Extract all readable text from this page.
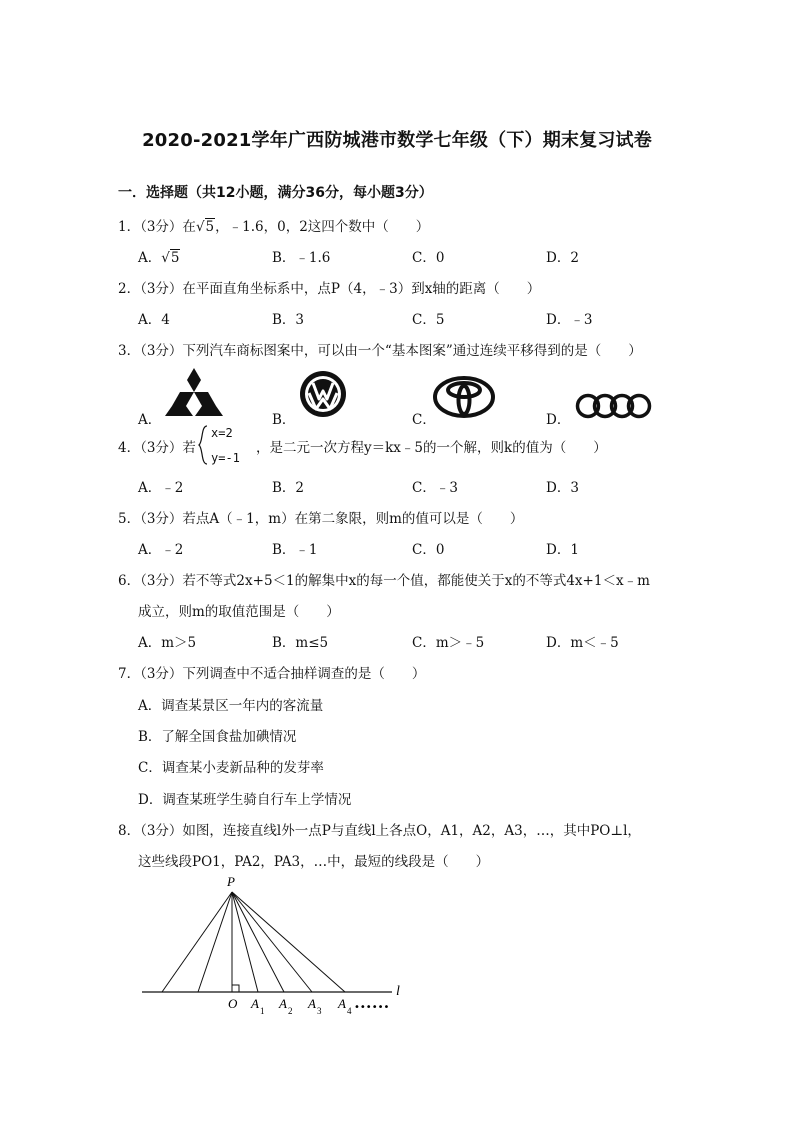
2020-2021学年广西防城港市数学七年级（下）期末复习试卷
一．选择题（共12小题，满分36分，每小题3分）
1．（3分）在√5，﹣1.6，0，2这四个数中（　　）
A．√5	B．﹣1.6	C．0	D．2
2．（3分）在平面直角坐标系中，点P（4，﹣3）到x轴的距离（　　）
A．4	B．3	C．5	D．﹣3
3．（3分）下列汽车商标图案中，可以由一个“基本图案”通过连续平移得到的是（　　）
A．	B．	C．	D．
4．（3分）若
x=2
y=-1
，是二元一次方程y＝kx﹣5的一个解，则k的值为（　　）
A．﹣2	B．2	C．﹣3	D．3
5．（3分）若点A（﹣1，m）在第二象限，则m的值可以是（　　）
A．﹣2	B．﹣1	C．0	D．1
6．（3分）若不等式2x+5＜1的解集中x的每一个值，都能使关于x的不等式4x+1＜x﹣m
成立，则m的取值范围是（　　）
A．m＞5	B．m≤5	C．m＞﹣5	D．m＜﹣5
7．（3分）下列调查中不适合抽样调查的是（　　）
A．调查某景区一年内的客流量
B．了解全国食盐加碘情况
C．调查某小麦新品种的发芽率
D．调查某班学生骑自行车上学情况
8．（3分）如图，连接直线l外一点P与直线l上各点O，A1，A2，A3，…，其中PO⊥l，
这些线段PO1，PA2，PA3，…中，最短的线段是（　　）
P
l
O A 1 A 2 A 3 A 4 ••••••
